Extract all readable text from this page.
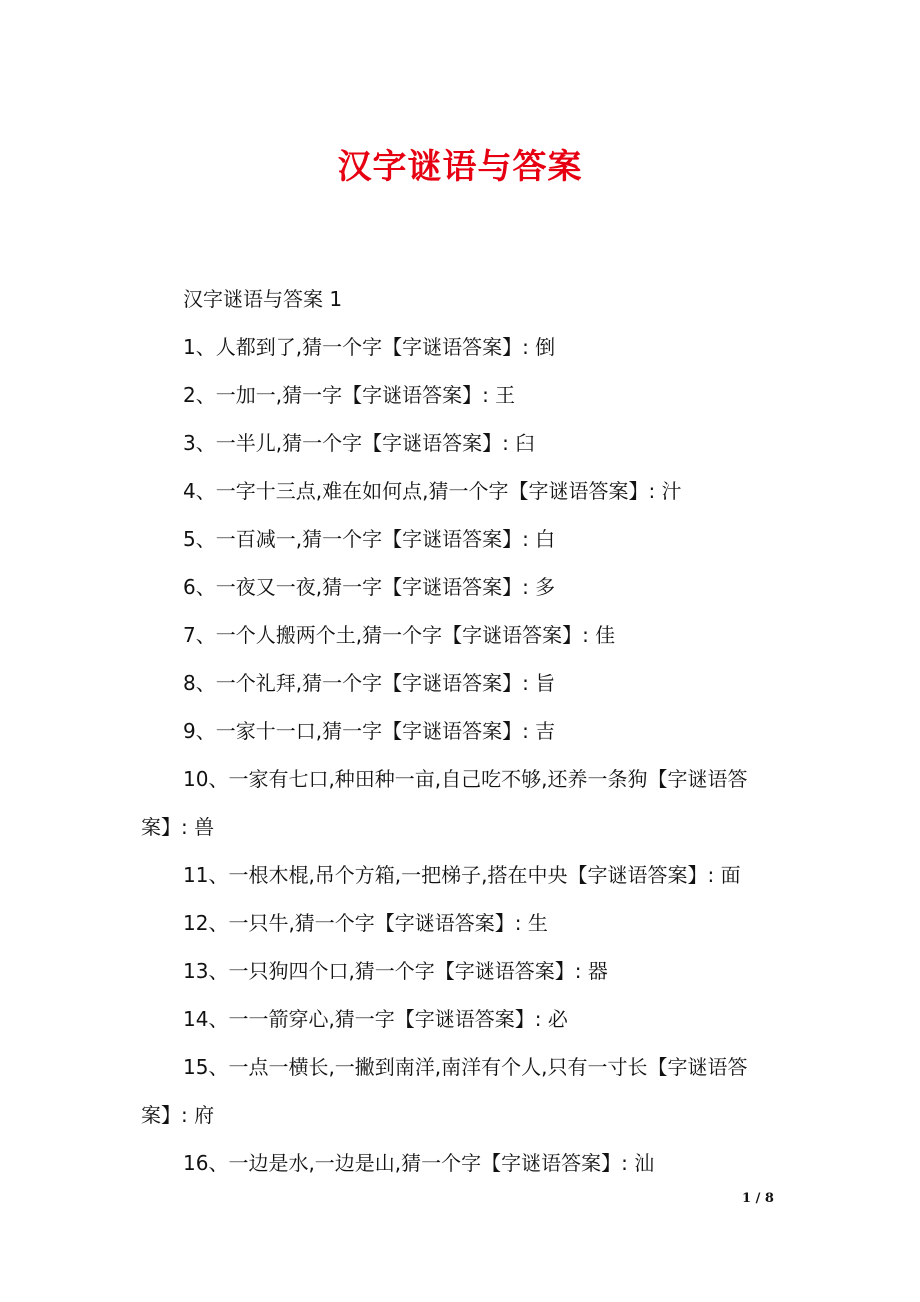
汉字谜语与答案

汉字谜语与答案 1

1、人都到了,猜一个字【字谜语答案】: 倒

2、一加一,猜一字【字谜语答案】: 王

3、一半儿,猜一个字【字谜语答案】: 臼

4、一字十三点,难在如何点,猜一个字【字谜语答案】: 汁

5、一百减一,猜一个字【字谜语答案】: 白

6、一夜又一夜,猜一字【字谜语答案】: 多

7、一个人搬两个土,猜一个字【字谜语答案】: 佳

8、一个礼拜,猜一个字【字谜语答案】: 旨

9、一家十一口,猜一字【字谜语答案】: 吉

10、一家有七口,种田种一亩,自己吃不够,还养一条狗【字谜语答案】: 兽

11、一根木棍,吊个方箱,一把梯子,搭在中央【字谜语答案】: 面

12、一只牛,猜一个字【字谜语答案】: 生

13、一只狗四个口,猜一个字【字谜语答案】: 器

14、一一箭穿心,猜一字【字谜语答案】: 必

15、一点一横长,一撇到南洋,南洋有个人,只有一寸长【字谜语答案】: 府

16、一边是水,一边是山,猜一个字【字谜语答案】: 汕

1 / 8
